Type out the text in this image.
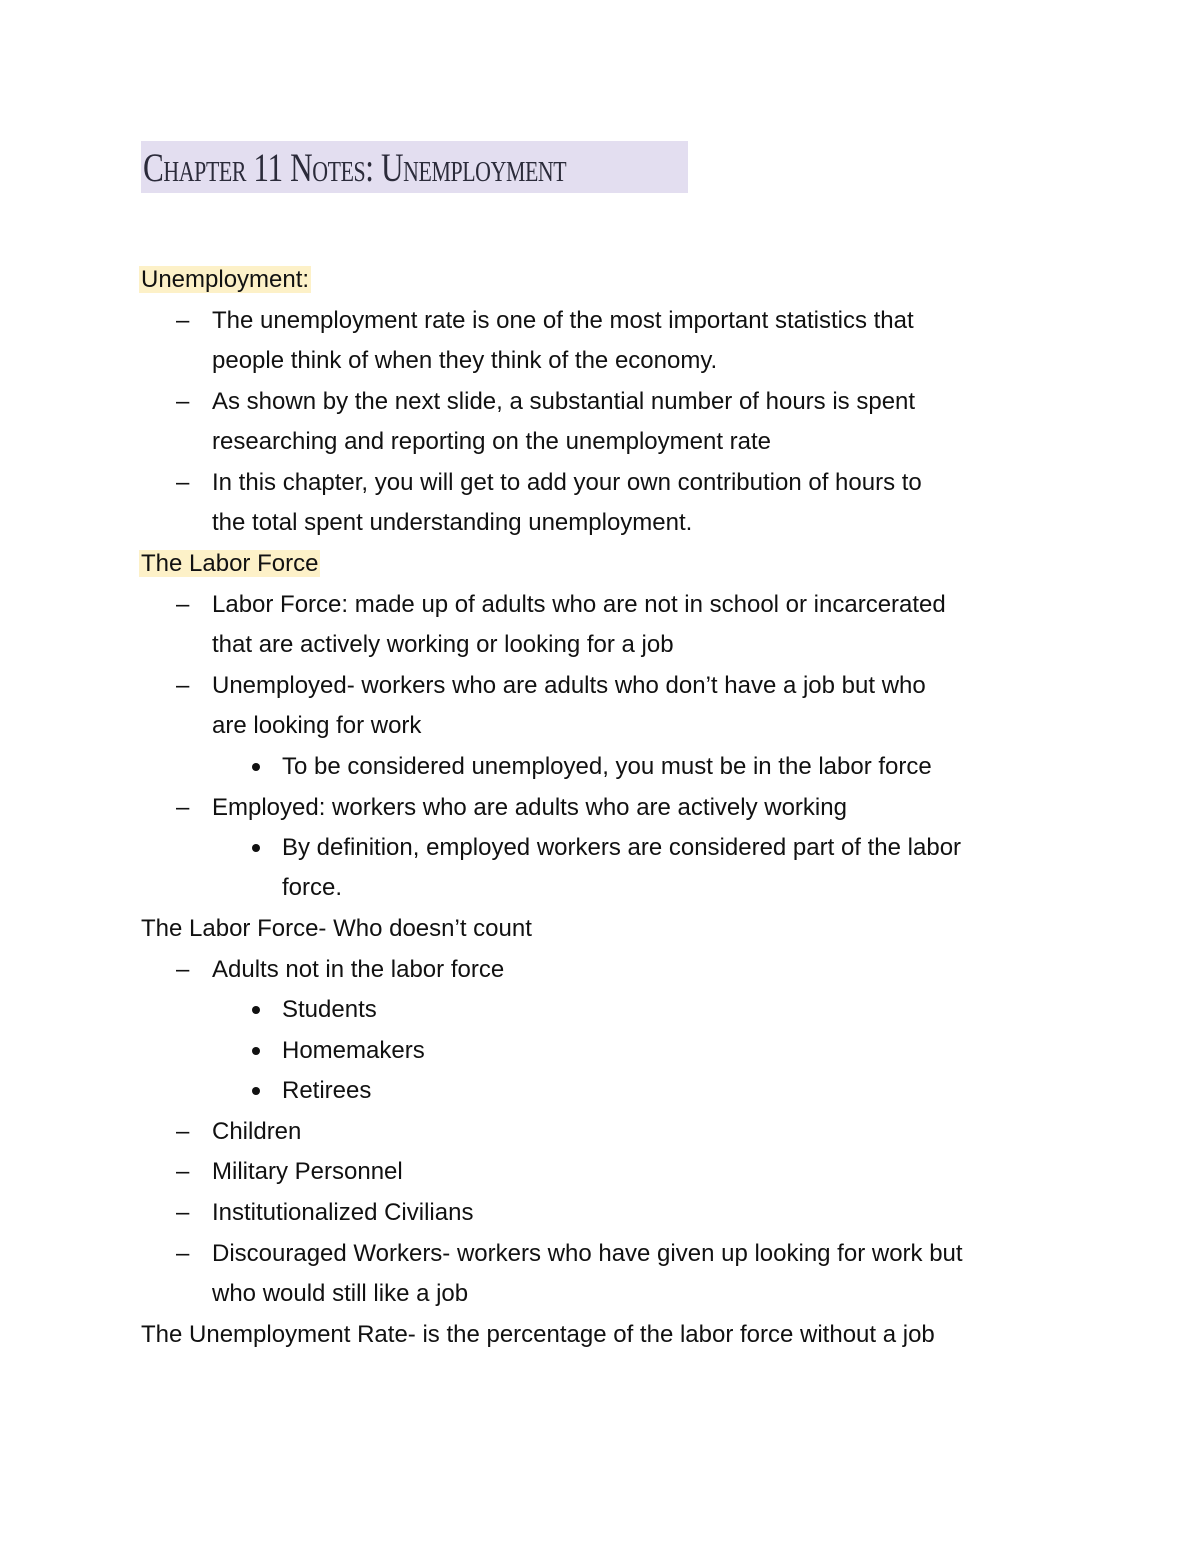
Chapter 11 Notes: Unemployment
Unemployment:
– The unemployment rate is one of the most important statistics that
people think of when they think of the economy.
– As shown by the next slide, a substantial number of hours is spent
researching and reporting on the unemployment rate
– In this chapter, you will get to add your own contribution of hours to
the total spent understanding unemployment.
The Labor Force
– Labor Force: made up of adults who are not in school or incarcerated
that are actively working or looking for a job
– Unemployed- workers who are adults who don’t have a job but who
are looking for work
To be considered unemployed, you must be in the labor force
– Employed: workers who are adults who are actively working
By definition, employed workers are considered part of the labor
force.
The Labor Force- Who doesn’t count
– Adults not in the labor force
Students
Homemakers
Retirees
– Children
– Military Personnel
– Institutionalized Civilians
– Discouraged Workers- workers who have given up looking for work but
who would still like a job
The Unemployment Rate- is the percentage of the labor force without a job
